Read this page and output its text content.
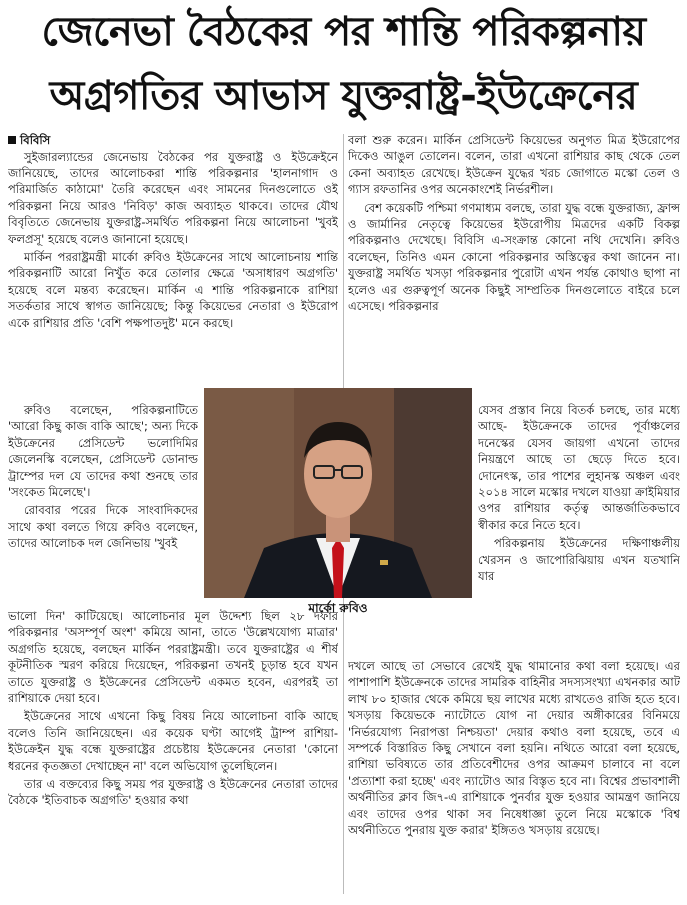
জেনেভা বৈঠকের পর শান্তি পরিকল্পনায়
অগ্রগতির আভাস যুক্তরাষ্ট্র-ইউক্রেনের
বিবিসি

সুইজারল্যান্ডের জেনেভায় বৈঠকের পর যুক্তরাষ্ট্র ও ইউক্রেইনে জানিয়েছে, তাদের আলোচকরা শান্তি পরিকল্পনার 'হালনাগাদ ও পরিমার্জিত কাঠামো' তৈরি করেছেন এবং সামনের দিনগুলোতে ওই পরিকল্পনা নিয়ে আরও 'নিবিড়' কাজ অব্যাহত থাকবে। তাদের যৌথ বিবৃতিতে জেনেভায় যুক্তরাষ্ট্র-সমর্থিত পরিকল্পনা নিয়ে আলোচনা 'খুবই ফলপ্রসূ' হয়েছে বলেও জানানো হয়েছে।

মার্কিন পররাষ্ট্রমন্ত্রী মার্কো রুবিও ইউক্রেনের সাথে আলোচনায় শান্তি পরিকল্পনাটি আরো নিখুঁত করে তোলার ক্ষেত্রে 'অসাধারণ অগ্রগতি' হয়েছে বলে মন্তব্য করেছেন। মার্কিন এ শান্তি পরিকল্পনাকে রাশিয়া সতর্কতার সাথে স্বাগত জানিয়েছে; কিন্তু কিয়েভের নেতারা ও ইউরোপ একে রাশিয়ার প্রতি 'বেশি পক্ষপাতদুষ্ট' মনে করছে।

রুবিও বলেছেন, পরিকল্পনাটিতে 'আরো কিছু কাজ বাকি আছে'; অন্য দিকে ইউক্রেনের প্রেসিডেন্ট ভলোদিমির জেলেনস্কি বলেছেন, প্রেসিডেন্ট ডোনাল্ড ট্রাম্পের দল যে তাদের কথা শুনছে তার 'সংকেত মিলেছে'।

রোববার পরের দিকে সাংবাদিকদের সাথে কথা বলতে গিয়ে রুবিও বলেছেন, তাদের আলোচক দল জেনিভায় 'খুবই

ভালো দিন' কাটিয়েছে। আলোচনার মূল উদ্দেশ্য ছিল ২৮ দফার পরিকল্পনার 'অসম্পূর্ণ অংশ' কমিয়ে আনা, তাতে 'উল্লেখযোগ্য মাত্রার' অগ্রগতি হয়েছে, বলছেন মার্কিন পররাষ্ট্রমন্ত্রী। তবে যুক্তরাষ্ট্রের এ শীর্ষ কূটনীতিক স্মরণ করিয়ে দিয়েছেন, পরিকল্পনা তখনই চূড়ান্ত হবে যখন তাতে যুক্তরাষ্ট্র ও ইউক্রেনের প্রেসিডেন্ট একমত হবেন, এরপরই তা রাশিয়াকে দেয়া হবে।

ইউক্রেনের সাথে এখনো কিছু বিষয় নিয়ে আলোচনা বাকি আছে বলেও তিনি জানিয়েছেন। এর কয়েক ঘণ্টা আগেই ট্রাম্প রাশিয়া-ইউক্রেইন যুদ্ধ বন্ধে যুক্তরাষ্ট্রের প্রচেষ্টায় ইউক্রেনের নেতারা 'কোনো ধরনের কৃতজ্ঞতা দেখাচ্ছেন না' বলে অভিযোগ তুলেছিলেন।

তার এ বক্তব্যের কিছু সময় পর যুক্তরাষ্ট্র ও ইউক্রেনের নেতারা তাদের বৈঠকে 'ইতিবাচক অগ্রগতি' হওয়ার কথা

বলা শুরু করেন। মার্কিন প্রেসিডেন্ট কিয়েভের অনুগত মিত্র ইউরোপের দিকেও আঙুল তোলেন। বলেন, তারা এখনো রাশিয়ার কাছ থেকে তেল কেনা অব্যাহত রেখেছে। ইউক্রেন যুদ্ধের খরচ জোগাতে মস্কো তেল ও গ্যাস রফতানির ওপর অনেকাংশেই নির্ভরশীল।

বেশ কয়েকটি পশ্চিমা গণমাধ্যম বলছে, তারা যুদ্ধ বন্ধে যুক্তরাজ্য, ফ্রান্স ও জার্মানির নেতৃত্বে কিয়েভের ইউরোপীয় মিত্রদের একটি বিকল্প পরিকল্পনাও দেখেছে। বিবিসি এ-সংক্রান্ত কোনো নথি দেখেনি। রুবিও বলেছেন, তিনিও এমন কোনো পরিকল্পনার অস্তিত্বের কথা জানেন না। যুক্তরাষ্ট্র সমর্থিত খসড়া পরিকল্পনার পুরোটা এখন পর্যন্ত কোথাও ছাপা না হলেও এর গুরুত্বপূর্ণ অনেক কিছুই সাম্প্রতিক দিনগুলোতে বাইরে চলে এসেছে। পরিকল্পনার

যেসব প্রস্তাব নিয়ে বিতর্ক চলছে, তার মধ্যে আছে- ইউক্রেনকে তাদের পূর্বাঞ্চলের দনেস্কের যেসব জায়গা এখনো তাদের নিয়ন্ত্রণে আছে তা ছেড়ে দিতে হবে। দোনেৎস্ক, তার পাশের লুহানস্ক অঞ্চল এবং ২০১৪ সালে মস্কোর দখলে যাওয়া ক্রাইমিয়ার ওপর রাশিয়ার কর্তৃত্ব আন্তর্জাতিকভাবে স্বীকার করে নিতে হবে।

পরিকল্পনায় ইউক্রেনের দক্ষিণাঞ্চলীয় খেরসন ও জাপোরিঝিয়ায় এখন যতখানি যার

দখলে আছে তা সেভাবে রেখেই যুদ্ধ থামানোর কথা বলা হয়েছে। এর পাশাপাশি ইউক্রেনকে তাদের সামরিক বাহিনীর সদস্যসংখ্যা এখনকার আট লাখ ৮০ হাজার থেকে কমিয়ে ছয় লাখের মধ্যে রাখতেও রাজি হতে হবে। খসড়ায় কিয়েভকে ন্যাটোতে যোগ না দেয়ার অঙ্গীকারের বিনিময়ে 'নির্ভরযোগ্য নিরাপত্তা নিশ্চয়তা' দেয়ার কথাও বলা হয়েছে, তবে এ সম্পর্কে বিস্তারিত কিছু সেখানে বলা হয়নি। নথিতে আরো বলা হয়েছে, রাশিয়া ভবিষ্যতে তার প্রতিবেশীদের ওপর আক্রমণ চালাবে না বলে 'প্রত্যাশা করা হচ্ছে' এবং ন্যাটোও আর বিস্তৃত হবে না। বিশ্বের প্রভাবশালী অর্থনীতির ক্লাব জি৭-এ রাশিয়াকে পুনর্বার যুক্ত হওয়ার আমন্ত্রণ জানিয়ে এবং তাদের ওপর থাকা সব নিষেধাজ্ঞা তুলে নিয়ে মস্কোকে 'বিশ্ব অর্থনীতিতে পুনরায় যুক্ত করার' ইঙ্গিতও খসড়ায় রয়েছে।

মার্কো রুবিও
